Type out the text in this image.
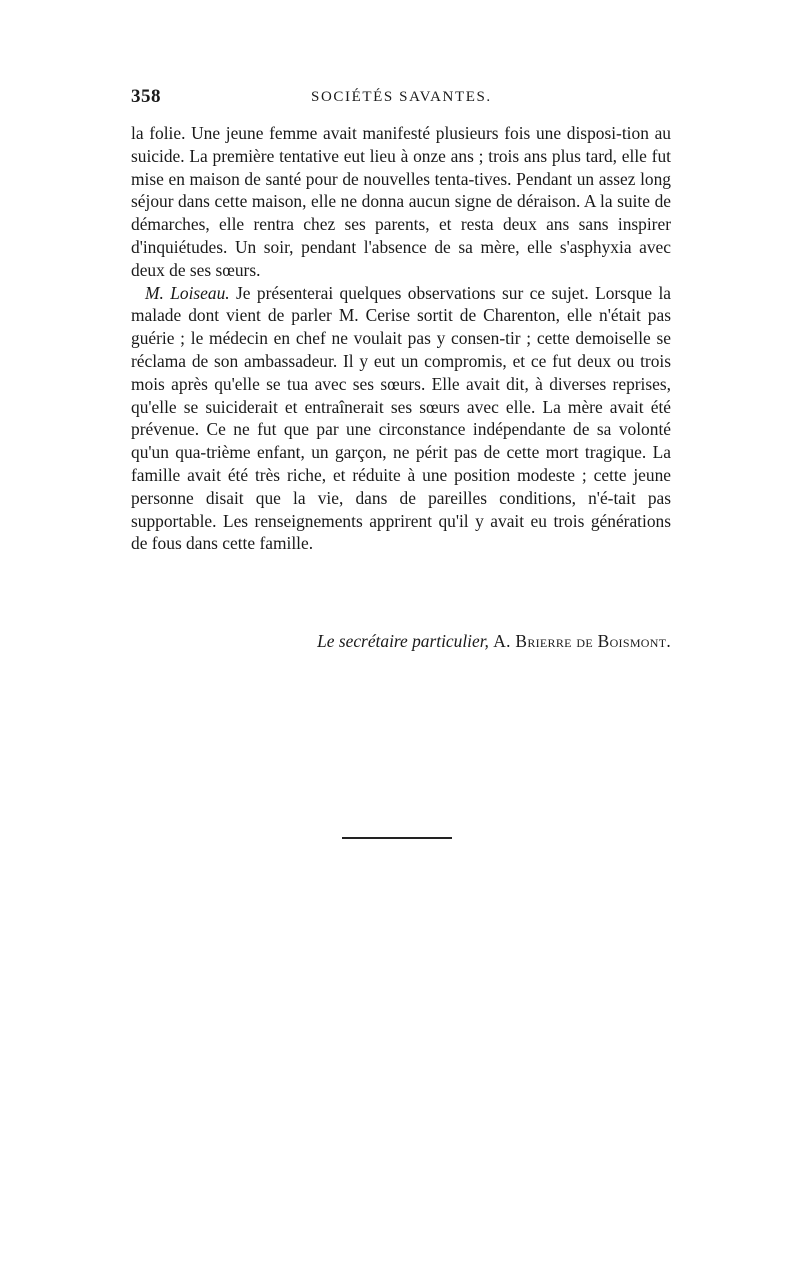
358	SOCIÉTÉS SAVANTES.

la folie. Une jeune femme avait manifesté plusieurs fois une disposi-tion au suicide. La première tentative eut lieu à onze ans ; trois ans plus tard, elle fut mise en maison de santé pour de nouvelles tenta-tives. Pendant un assez long séjour dans cette maison, elle ne donna aucun signe de déraison. A la suite de démarches, elle rentra chez ses parents, et resta deux ans sans inspirer d'inquiétudes. Un soir, pendant l'absence de sa mère, elle s'asphyxia avec deux de ses sœurs.

M. Loiseau. Je présenterai quelques observations sur ce sujet. Lorsque la malade dont vient de parler M. Cerise sortit de Charenton, elle n'était pas guérie ; le médecin en chef ne voulait pas y consen-tir ; cette demoiselle se réclama de son ambassadeur. Il y eut un compromis, et ce fut deux ou trois mois après qu'elle se tua avec ses sœurs. Elle avait dit, à diverses reprises, qu'elle se suiciderait et entraînerait ses sœurs avec elle. La mère avait été prévenue. Ce ne fut que par une circonstance indépendante de sa volonté qu'un qua-trième enfant, un garçon, ne périt pas de cette mort tragique. La famille avait été très riche, et réduite à une position modeste ; cette jeune personne disait que la vie, dans de pareilles conditions, n'é-tait pas supportable. Les renseignements apprirent qu'il y avait eu trois générations de fous dans cette famille.

Le secrétaire particulier, A. Brierre de Boismont.
